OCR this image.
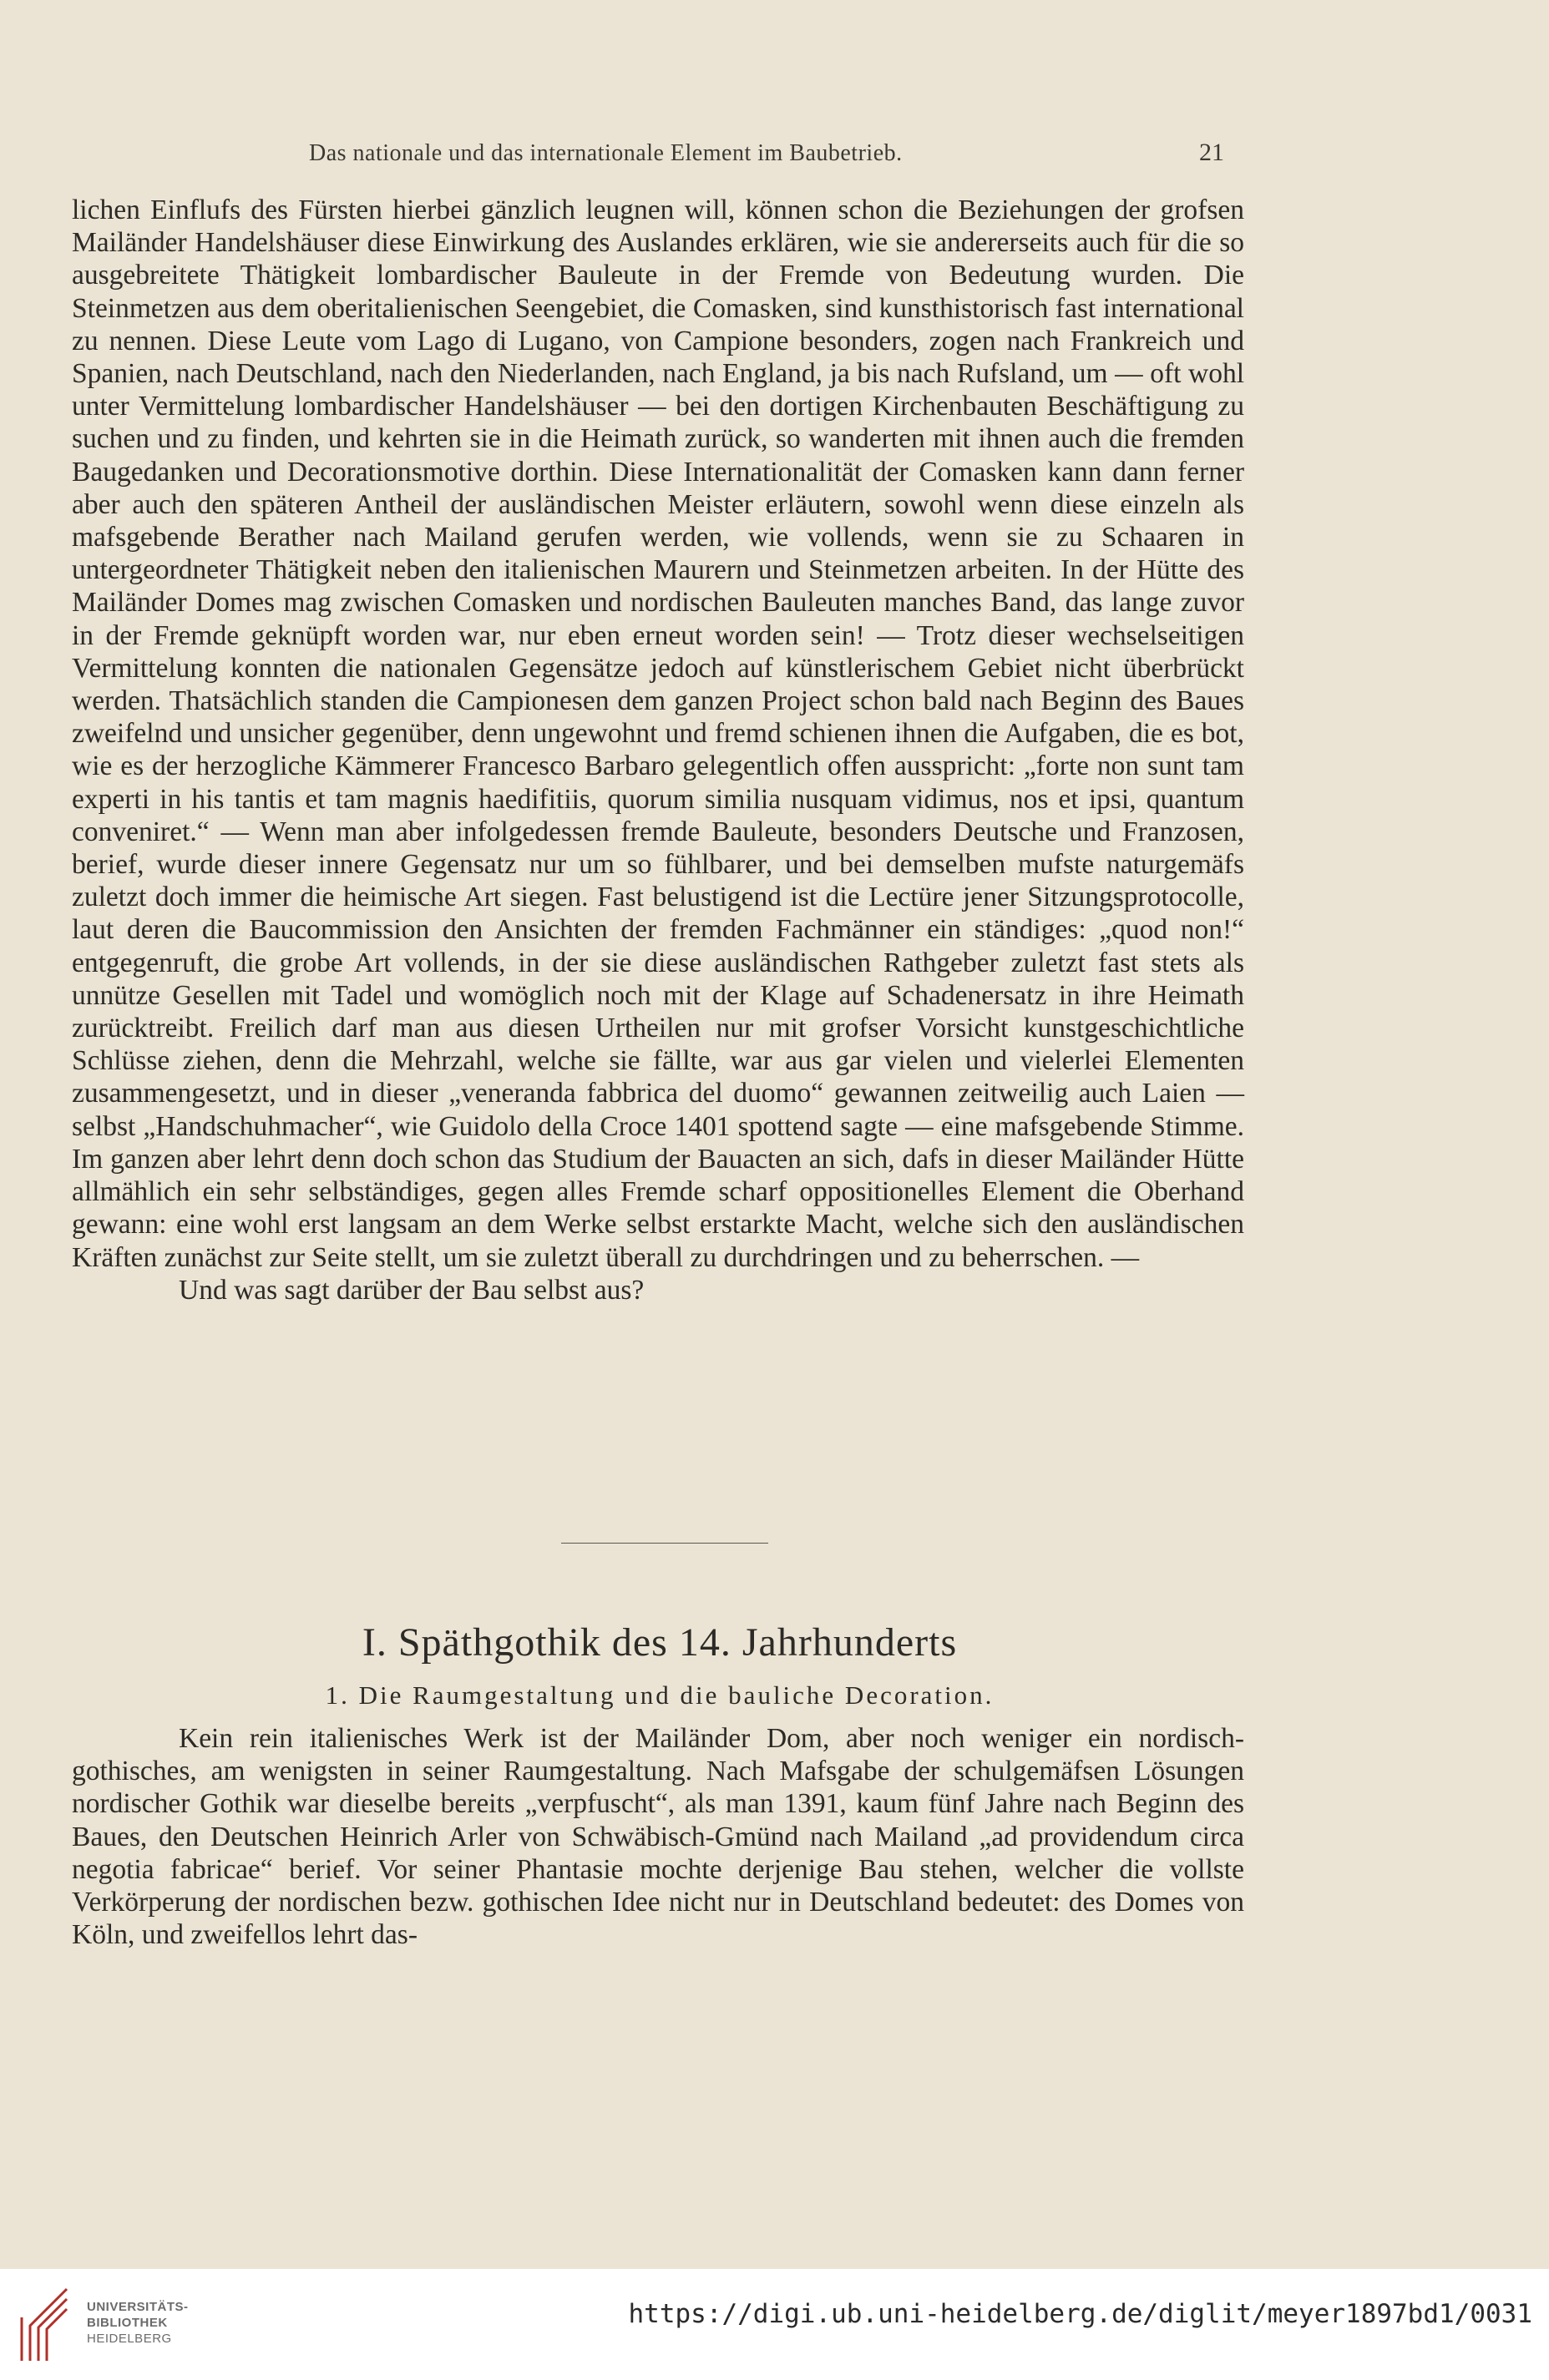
Das nationale und das internationale Element im Baubetrieb.	21

lichen Einflufs des Fürsten hierbei gänzlich leugnen will, können schon die Beziehungen der grofsen Mailänder Handelshäuser diese Einwirkung des Auslandes erklären, wie sie andererseits auch für die so ausgebreitete Thätigkeit lombardischer Bauleute in der Fremde von Bedeutung wurden. Die Steinmetzen aus dem oberitalienischen Seengebiet, die Comasken, sind kunsthistorisch fast international zu nennen. Diese Leute vom Lago di Lugano, von Campione besonders, zogen nach Frankreich und Spanien, nach Deutschland, nach den Niederlanden, nach England, ja bis nach Rufsland, um — oft wohl unter Vermittelung lombardischer Handelshäuser — bei den dortigen Kirchenbauten Beschäftigung zu suchen und zu finden, und kehrten sie in die Heimath zurück, so wanderten mit ihnen auch die fremden Baugedanken und Decorationsmotive dorthin. Diese Internationalität der Comasken kann dann ferner aber auch den späteren Antheil der ausländischen Meister erläutern, sowohl wenn diese einzeln als mafsgebende Berather nach Mailand gerufen werden, wie vollends, wenn sie zu Schaaren in untergeordneter Thätigkeit neben den italienischen Maurern und Steinmetzen arbeiten. In der Hütte des Mailänder Domes mag zwischen Comasken und nordischen Bauleuten manches Band, das lange zuvor in der Fremde geknüpft worden war, nur eben erneut worden sein! — Trotz dieser wechselseitigen Vermittelung konnten die nationalen Gegensätze jedoch auf künstlerischem Gebiet nicht überbrückt werden. Thatsächlich standen die Campionesen dem ganzen Project schon bald nach Beginn des Baues zweifelnd und unsicher gegenüber, denn ungewohnt und fremd schienen ihnen die Aufgaben, die es bot, wie es der herzogliche Kämmerer Francesco Barbaro gelegentlich offen ausspricht: „forte non sunt tam experti in his tantis et tam magnis haedifitiis, quorum similia nusquam vidimus, nos et ipsi, quantum conveniret.“ — Wenn man aber infolgedessen fremde Bauleute, besonders Deutsche und Franzosen, berief, wurde dieser innere Gegensatz nur um so fühlbarer, und bei demselben mufste naturgemäfs zuletzt doch immer die heimische Art siegen. Fast belustigend ist die Lectüre jener Sitzungsprotocolle, laut deren die Baucommission den Ansichten der fremden Fachmänner ein ständiges: „quod non!“ entgegenruft, die grobe Art vollends, in der sie diese ausländischen Rathgeber zuletzt fast stets als unnütze Gesellen mit Tadel und womöglich noch mit der Klage auf Schadenersatz in ihre Heimath zurücktreibt. Freilich darf man aus diesen Urtheilen nur mit grofser Vorsicht kunstgeschichtliche Schlüsse ziehen, denn die Mehrzahl, welche sie fällte, war aus gar vielen und vielerlei Elementen zusammengesetzt, und in dieser „veneranda fabbrica del duomo“ gewannen zeitweilig auch Laien — selbst „Handschuhmacher“, wie Guidolo della Croce 1401 spottend sagte — eine mafsgebende Stimme. Im ganzen aber lehrt denn doch schon das Studium der Bauacten an sich, dafs in dieser Mailänder Hütte allmählich ein sehr selbständiges, gegen alles Fremde scharf oppositionelles Element die Oberhand gewann: eine wohl erst langsam an dem Werke selbst erstarkte Macht, welche sich den ausländischen Kräften zunächst zur Seite stellt, um sie zuletzt überall zu durchdringen und zu beherrschen. —

Und was sagt darüber der Bau selbst aus?

I. Späthgothik des 14. Jahrhunderts
1. Die Raumgestaltung und die bauliche Decoration.

Kein rein italienisches Werk ist der Mailänder Dom, aber noch weniger ein nordisch-gothisches, am wenigsten in seiner Raumgestaltung. Nach Mafsgabe der schulgemäfsen Lösungen nordischer Gothik war dieselbe bereits „verpfuscht“, als man 1391, kaum fünf Jahre nach Beginn des Baues, den Deutschen Heinrich Arler von Schwäbisch-Gmünd nach Mailand „ad providendum circa negotia fabricae“ berief. Vor seiner Phantasie mochte derjenige Bau stehen, welcher die vollste Verkörperung der nordischen bezw. gothischen Idee nicht nur in Deutschland bedeutet: des Domes von Köln, und zweifellos lehrt das-

UNIVERSITÄTS-
BIBLIOTHEK
HEIDELBERG
https://digi.ub.uni-heidelberg.de/diglit/meyer1897bd1/0031
